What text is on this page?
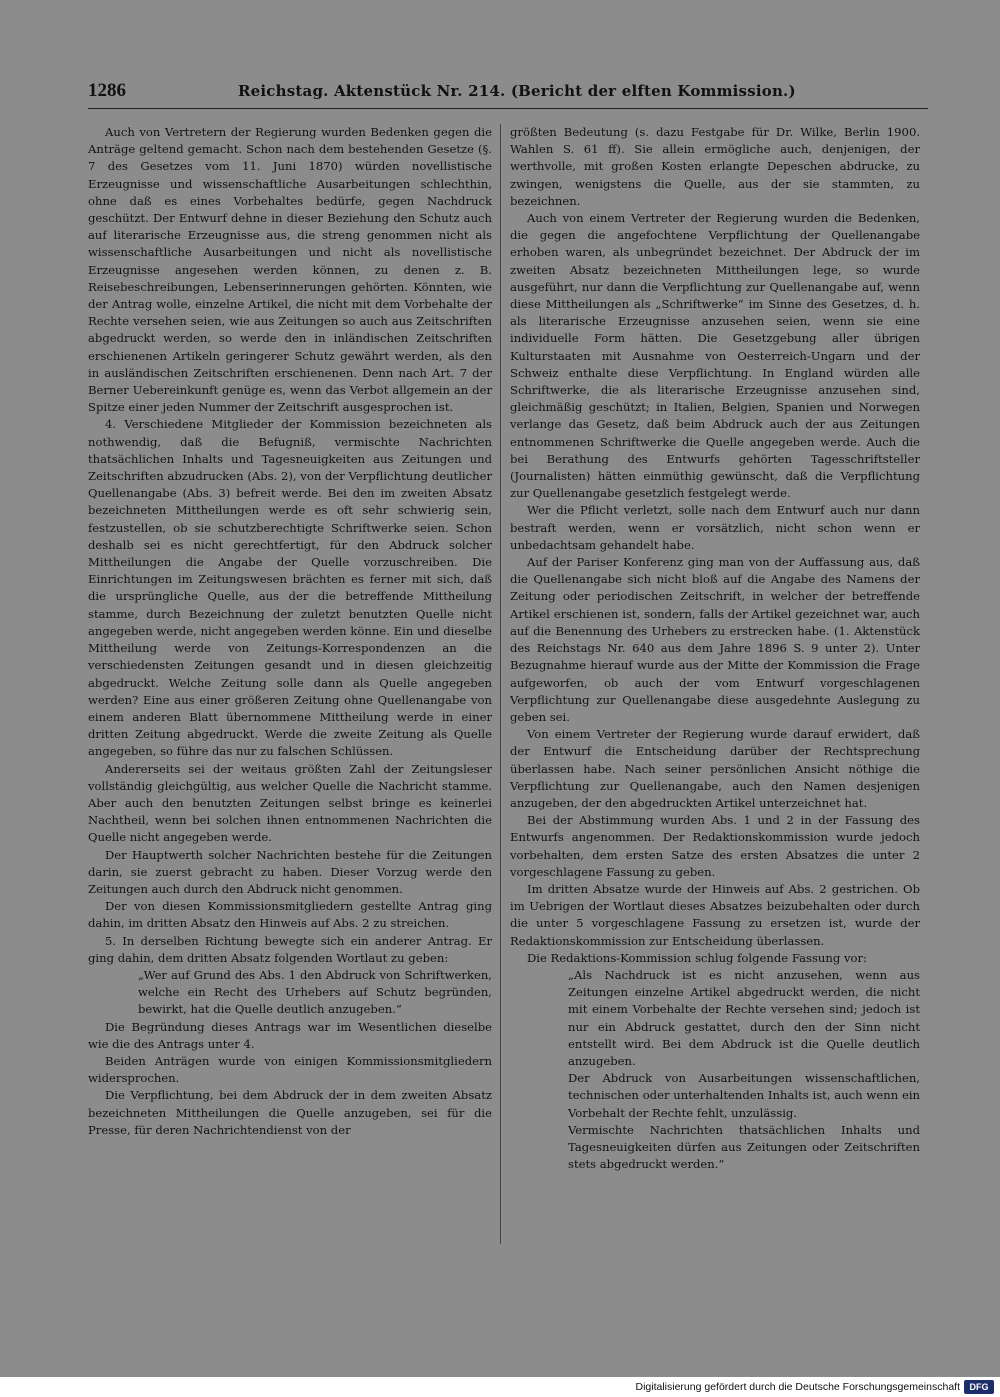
1286	Reichstag. Aktenstück Nr. 214. (Bericht der elften Kommission.)

Auch von Vertretern der Regierung wurden Bedenken gegen die Anträge geltend gemacht. Schon nach dem bestehenden Gesetze (§. 7 des Gesetzes vom 11. Juni 1870) würden novellistische Erzeugnisse und wissenschaftliche Ausarbeitungen schlechthin, ohne daß es eines Vorbehaltes bedürfe, gegen Nachdruck geschützt. Der Entwurf dehne in dieser Beziehung den Schutz auch auf literarische Erzeugnisse aus, die streng genommen nicht als wissenschaftliche Ausarbeitungen und nicht als novellistische Erzeugnisse angesehen werden können, zu denen z. B. Reisebeschreibungen, Lebenserinnerungen gehörten. Könnten, wie der Antrag wolle, einzelne Artikel, die nicht mit dem Vorbehalte der Rechte versehen seien, wie aus Zeitungen so auch aus Zeitschriften abgedruckt werden, so werde den in inländischen Zeitschriften erschienenen Artikeln geringerer Schutz gewährt werden, als den in ausländischen Zeitschriften erschienenen. Denn nach Art. 7 der Berner Uebereinkunft genüge es, wenn das Verbot allgemein an der Spitze einer jeden Nummer der Zeitschrift ausgesprochen ist.

4. Verschiedene Mitglieder der Kommission bezeichneten als nothwendig, daß die Befugniß, vermischte Nachrichten thatsächlichen Inhalts und Tagesneuigkeiten aus Zeitungen und Zeitschriften abzudrucken (Abs. 2), von der Verpflichtung deutlicher Quellenangabe (Abs. 3) befreit werde. Bei den im zweiten Absatz bezeichneten Mittheilungen werde es oft sehr schwierig sein, festzustellen, ob sie schutzberechtigte Schriftwerke seien. Schon deshalb sei es nicht gerechtfertigt, für den Abdruck solcher Mittheilungen die Angabe der Quelle vorzuschreiben. Die Einrichtungen im Zeitungswesen brächten es ferner mit sich, daß die ursprüngliche Quelle, aus der die betreffende Mittheilung stamme, durch Bezeichnung der zuletzt benutzten Quelle nicht angegeben werde, nicht angegeben werden könne. Ein und dieselbe Mittheilung werde von Zeitungs-Korrespondenzen an die verschiedensten Zeitungen gesandt und in diesen gleichzeitig abgedruckt. Welche Zeitung solle dann als Quelle angegeben werden? Eine aus einer größeren Zeitung ohne Quellenangabe von einem anderen Blatt übernommene Mittheilung werde in einer dritten Zeitung abgedruckt. Werde die zweite Zeitung als Quelle angegeben, so führe das nur zu falschen Schlüssen.

Andererseits sei der weitaus größten Zahl der Zeitungsleser vollständig gleichgültig, aus welcher Quelle die Nachricht stamme. Aber auch den benutzten Zeitungen selbst bringe es keinerlei Nachtheil, wenn bei solchen ihnen entnommenen Nachrichten die Quelle nicht angegeben werde.

Der Hauptwerth solcher Nachrichten bestehe für die Zeitungen darin, sie zuerst gebracht zu haben. Dieser Vorzug werde den Zeitungen auch durch den Abdruck nicht genommen.

Der von diesen Kommissionsmitgliedern gestellte Antrag ging dahin, im dritten Absatz den Hinweis auf Abs. 2 zu streichen.

5. In derselben Richtung bewegte sich ein anderer Antrag. Er ging dahin, dem dritten Absatz folgenden Wortlaut zu geben:

„Wer auf Grund des Abs. 1 den Abdruck von Schriftwerken, welche ein Recht des Urhebers auf Schutz begründen, bewirkt, hat die Quelle deutlich anzugeben.“

Die Begründung dieses Antrags war im Wesentlichen dieselbe wie die des Antrags unter 4.

Beiden Anträgen wurde von einigen Kommissionsmitgliedern widersprochen.

Die Verpflichtung, bei dem Abdruck der in dem zweiten Absatz bezeichneten Mittheilungen die Quelle anzugeben, sei für die Presse, für deren Nachrichtendienst von der

größten Bedeutung (s. dazu Festgabe für Dr. Wilke, Berlin 1900. Wahlen S. 61 ff). Sie allein ermögliche auch, denjenigen, der werthvolle, mit großen Kosten erlangte Depeschen abdrucke, zu zwingen, wenigstens die Quelle, aus der sie stammten, zu bezeichnen.

Auch von einem Vertreter der Regierung wurden die Bedenken, die gegen die angefochtene Verpflichtung der Quellenangabe erhoben waren, als unbegründet bezeichnet. Der Abdruck der im zweiten Absatz bezeichneten Mittheilungen lege, so wurde ausgeführt, nur dann die Verpflichtung zur Quellenangabe auf, wenn diese Mittheilungen als „Schriftwerke“ im Sinne des Gesetzes, d. h. als literarische Erzeugnisse anzusehen seien, wenn sie eine individuelle Form hätten. Die Gesetzgebung aller übrigen Kulturstaaten mit Ausnahme von Oesterreich-Ungarn und der Schweiz enthalte diese Verpflichtung. In England würden alle Schriftwerke, die als literarische Erzeugnisse anzusehen sind, gleichmäßig geschützt; in Italien, Belgien, Spanien und Norwegen verlange das Gesetz, daß beim Abdruck auch der aus Zeitungen entnommenen Schriftwerke die Quelle angegeben werde. Auch die bei Berathung des Entwurfs gehörten Tagesschriftsteller (Journalisten) hätten einmüthig gewünscht, daß die Verpflichtung zur Quellenangabe gesetzlich festgelegt werde.

Wer die Pflicht verletzt, solle nach dem Entwurf auch nur dann bestraft werden, wenn er vorsätzlich, nicht schon wenn er unbedachtsam gehandelt habe.

Auf der Pariser Konferenz ging man von der Auffassung aus, daß die Quellenangabe sich nicht bloß auf die Angabe des Namens der Zeitung oder periodischen Zeitschrift, in welcher der betreffende Artikel erschienen ist, sondern, falls der Artikel gezeichnet war, auch auf die Benennung des Urhebers zu erstrecken habe. (1. Aktenstück des Reichstags Nr. 640 aus dem Jahre 1896 S. 9 unter 2). Unter Bezugnahme hierauf wurde aus der Mitte der Kommission die Frage aufgeworfen, ob auch der vom Entwurf vorgeschlagenen Verpflichtung zur Quellenangabe diese ausgedehnte Auslegung zu geben sei.

Von einem Vertreter der Regierung wurde darauf erwidert, daß der Entwurf die Entscheidung darüber der Rechtsprechung überlassen habe. Nach seiner persönlichen Ansicht nöthige die Verpflichtung zur Quellenangabe, auch den Namen desjenigen anzugeben, der den abgedruckten Artikel unterzeichnet hat.

Bei der Abstimmung wurden Abs. 1 und 2 in der Fassung des Entwurfs angenommen. Der Redaktionskommission wurde jedoch vorbehalten, dem ersten Satze des ersten Absatzes die unter 2 vorgeschlagene Fassung zu geben.

Im dritten Absatze wurde der Hinweis auf Abs. 2 gestrichen. Ob im Uebrigen der Wortlaut dieses Absatzes beizubehalten oder durch die unter 5 vorgeschlagene Fassung zu ersetzen ist, wurde der Redaktionskommission zur Entscheidung überlassen.

Die Redaktions-Kommission schlug folgende Fassung vor:

„Als Nachdruck ist es nicht anzusehen, wenn aus Zeitungen einzelne Artikel abgedruckt werden, die nicht mit einem Vorbehalte der Rechte versehen sind; jedoch ist nur ein Abdruck gestattet, durch den der Sinn nicht entstellt wird. Bei dem Abdruck ist die Quelle deutlich anzugeben.

Der Abdruck von Ausarbeitungen wissenschaftlichen, technischen oder unterhaltenden Inhalts ist, auch wenn ein Vorbehalt der Rechte fehlt, unzulässig.

Vermischte Nachrichten thatsächlichen Inhalts und Tagesneuigkeiten dürfen aus Zeitungen oder Zeitschriften stets abgedruckt werden.“

Digitalisierung gefördert durch die Deutsche Forschungsgemeinschaft	DFG
